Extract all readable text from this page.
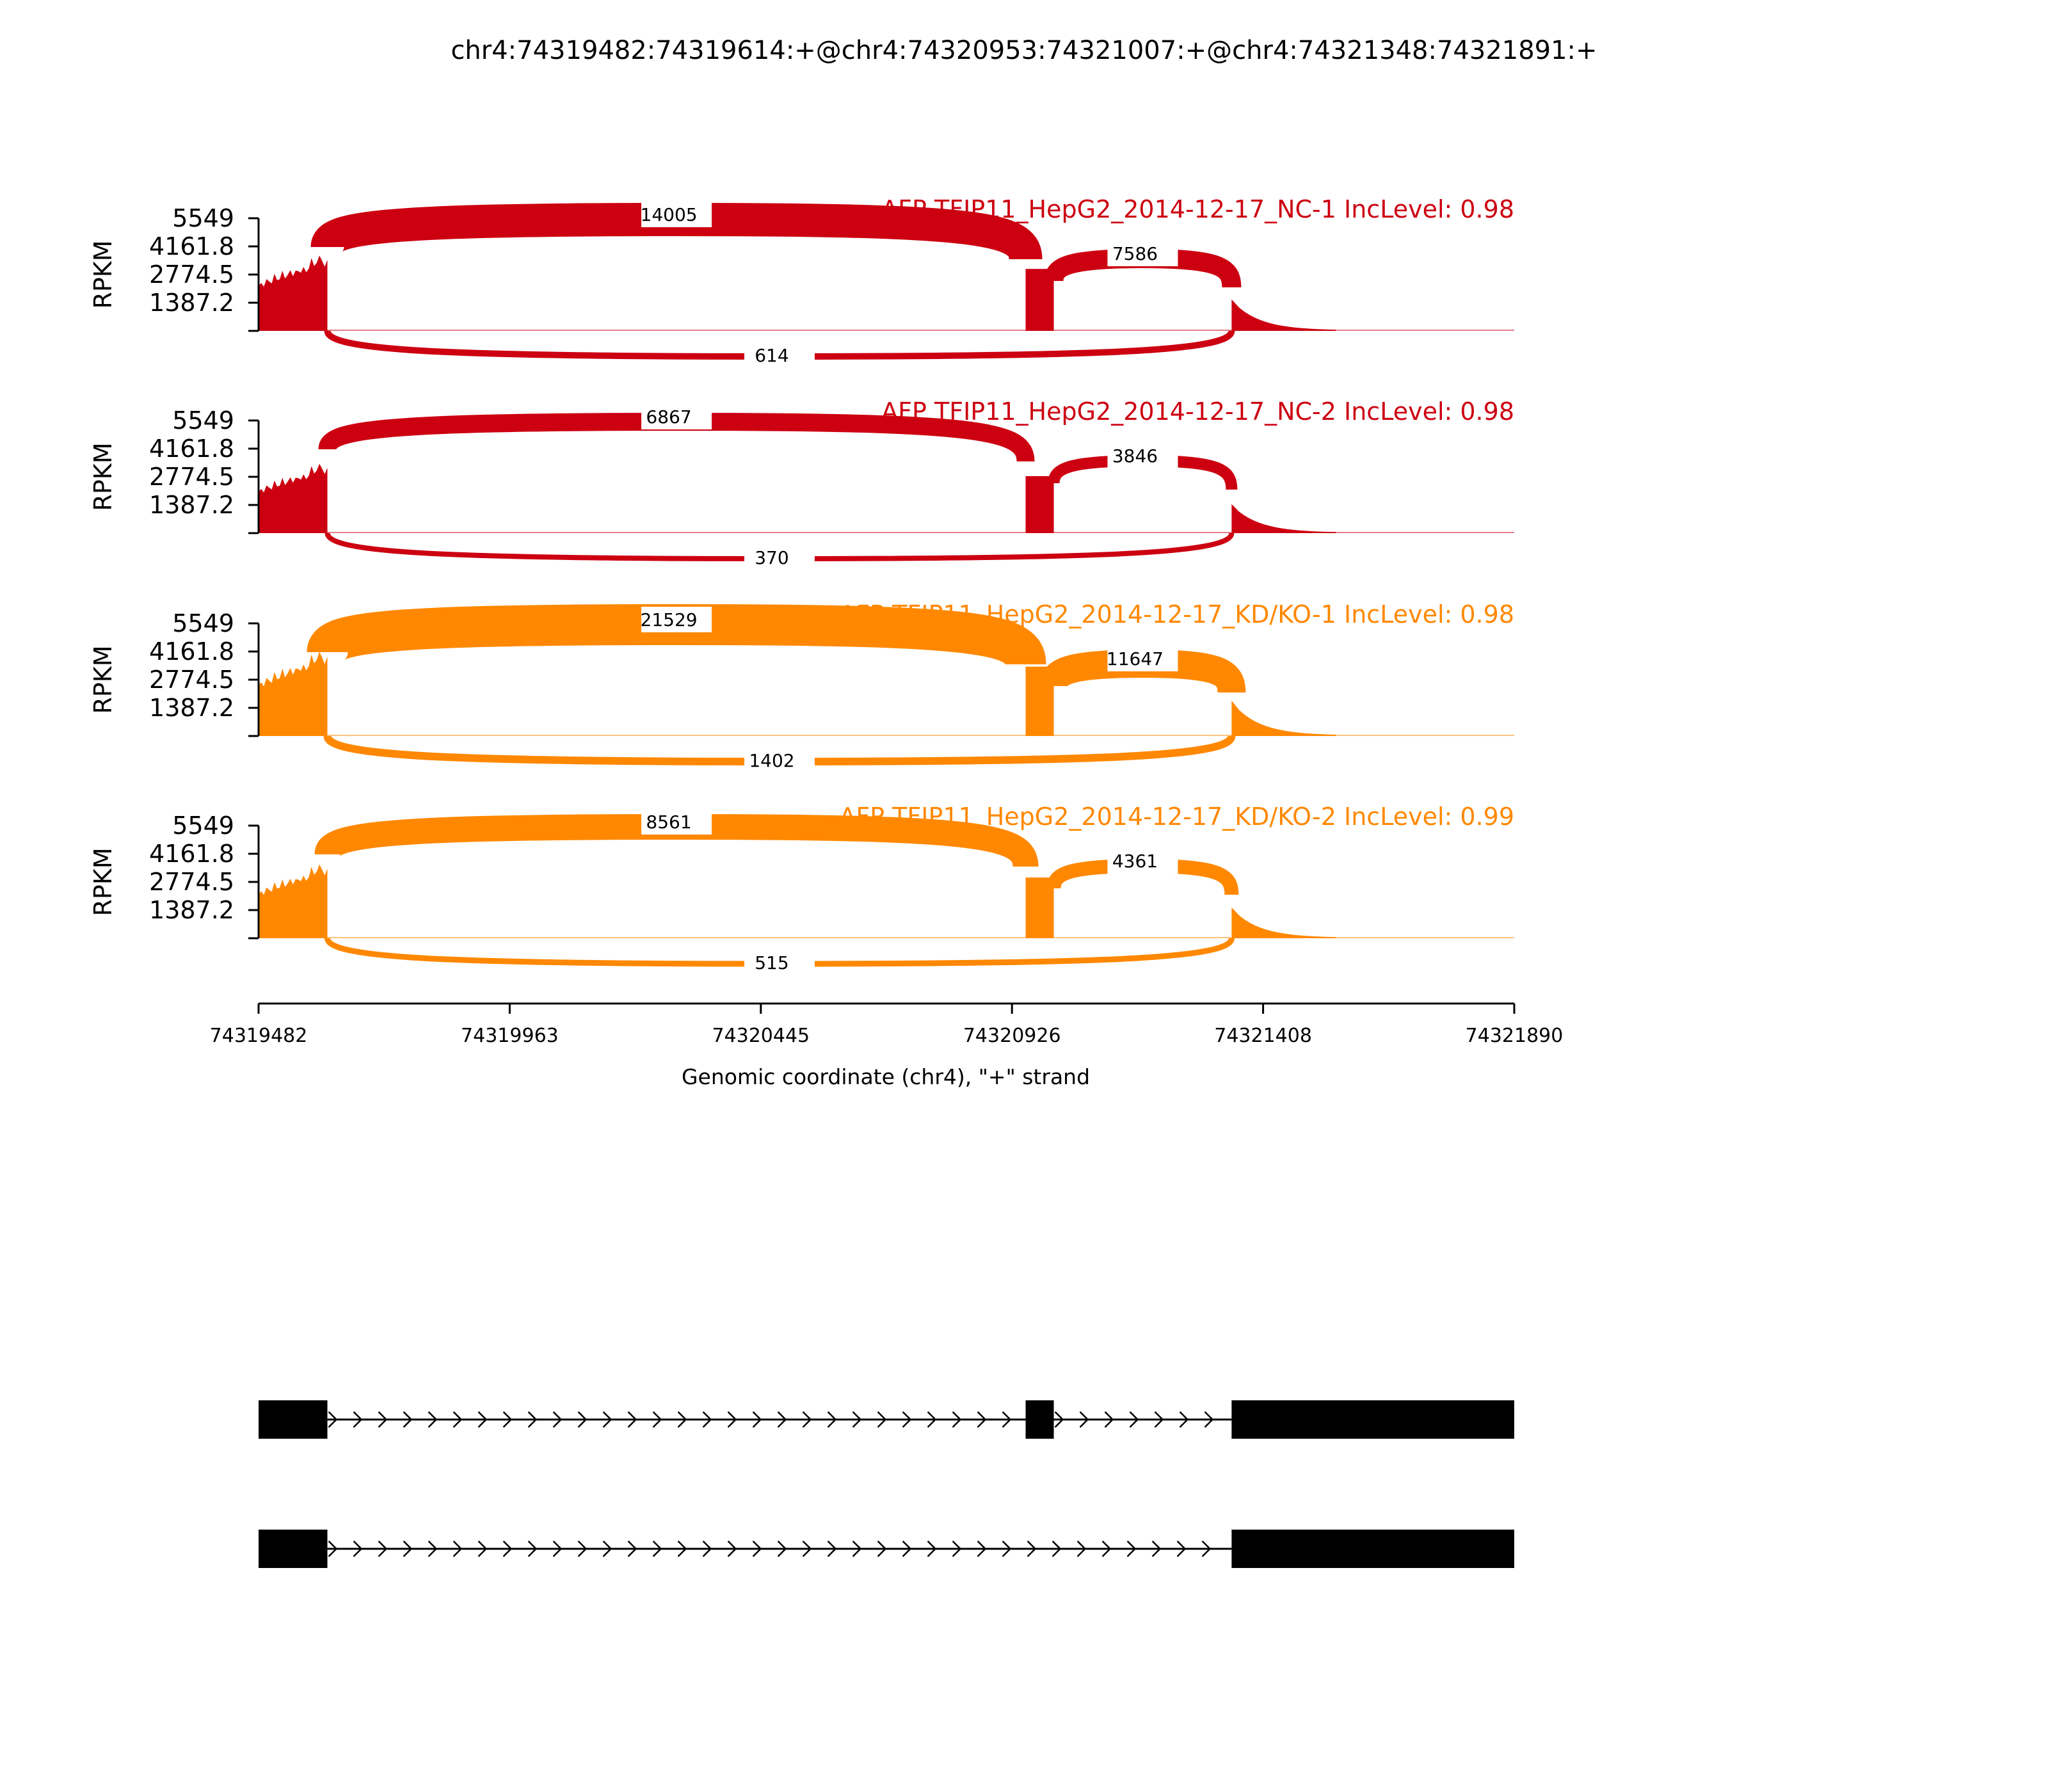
chr4:74319482:74319614:+@chr4:74320953:74321007:+@chr4:74321348:74321891:+
14005
7586
614
5549
4161.8
2774.5
1387.2
RPKM
AFP TFIP11_HepG2_2014-12-17_NC-1 IncLevel: 0.98
6867
3846
370
5549
4161.8
2774.5
1387.2
RPKM
AFP TFIP11_HepG2_2014-12-17_NC-2 IncLevel: 0.98
21529
11647
1402
5549
4161.8
2774.5
1387.2
RPKM
AFP TFIP11_HepG2_2014-12-17_KD/KO-1 IncLevel: 0.98
8561
4361
515
5549
4161.8
2774.5
1387.2
RPKM
AFP TFIP11_HepG2_2014-12-17_KD/KO-2 IncLevel: 0.99
74319482	74319963	74320445	74320926	74321408	74321890
Genomic coordinate (chr4), "+" strand
